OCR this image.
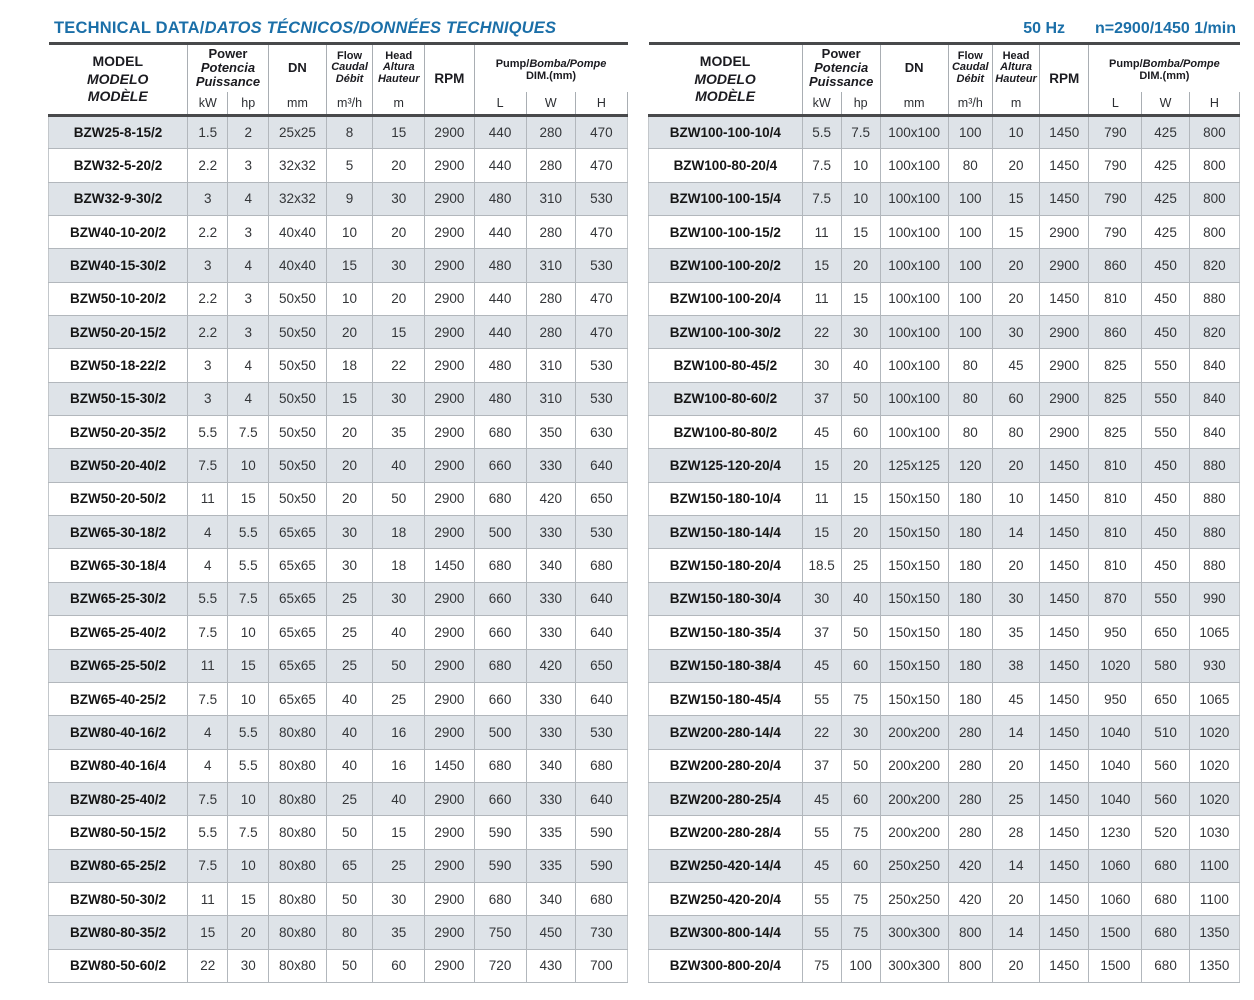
TECHNICAL DATA/DATOS TÉCNICOS/DONNÉES TECHNIQUES	50 Hz n=2900/1450 1/min
MODEL
MODELO
MODÈLE	Power
Potencia
Puissance		DN	Flow
Caudal
Débit	Head
Altura
Hauteur	RPM	Pump/Bomba/Pompe
DIM.(mm)		

	kW	hp	mm	m³/h	m		L	W	H
BZW25-8-15/2	1.5	2	25x25	8	15	2900	440	280	470
BZW32-5-20/2	2.2	3	32x32	5	20	2900	440	280	470
BZW32-9-30/2	3	4	32x32	9	30	2900	480	310	530
BZW40-10-20/2	2.2	3	40x40	10	20	2900	440	280	470
BZW40-15-30/2	3	4	40x40	15	30	2900	480	310	530
BZW50-10-20/2	2.2	3	50x50	10	20	2900	440	280	470
BZW50-20-15/2	2.2	3	50x50	20	15	2900	440	280	470
BZW50-18-22/2	3	4	50x50	18	22	2900	480	310	530
BZW50-15-30/2	3	4	50x50	15	30	2900	480	310	530
BZW50-20-35/2	5.5	7.5	50x50	20	35	2900	680	350	630
BZW50-20-40/2	7.5	10	50x50	20	40	2900	660	330	640
BZW50-20-50/2	11	15	50x50	20	50	2900	680	420	650
BZW65-30-18/2	4	5.5	65x65	30	18	2900	500	330	530
BZW65-30-18/4	4	5.5	65x65	30	18	1450	680	340	680
BZW65-25-30/2	5.5	7.5	65x65	25	30	2900	660	330	640
BZW65-25-40/2	7.5	10	65x65	25	40	2900	660	330	640
BZW65-25-50/2	11	15	65x65	25	50	2900	680	420	650
BZW65-40-25/2	7.5	10	65x65	40	25	2900	660	330	640
BZW80-40-16/2	4	5.5	80x80	40	16	2900	500	330	530
BZW80-40-16/4	4	5.5	80x80	40	16	1450	680	340	680
BZW80-25-40/2	7.5	10	80x80	25	40	2900	660	330	640
BZW80-50-15/2	5.5	7.5	80x80	50	15	2900	590	335	590
BZW80-65-25/2	7.5	10	80x80	65	25	2900	590	335	590
BZW80-50-30/2	11	15	80x80	50	30	2900	680	340	680
BZW80-80-35/2	15	20	80x80	80	35	2900	750	450	730
BZW80-50-60/2	22	30	80x80	50	60	2900	720	430	700
MODEL
MODELO
MODÈLE	Power
Potencia
Puissance		DN	Flow
Caudal
Débit	Head
Altura
Hauteur	RPM	Pump/Bomba/Pompe
DIM.(mm)		

	kW	hp	mm	m³/h	m		L	W	H
BZW100-100-10/4	5.5	7.5	100x100	100	10	1450	790	425	800
BZW100-80-20/4	7.5	10	100x100	80	20	1450	790	425	800
BZW100-100-15/4	7.5	10	100x100	100	15	1450	790	425	800
BZW100-100-15/2	11	15	100x100	100	15	2900	790	425	800
BZW100-100-20/2	15	20	100x100	100	20	2900	860	450	820
BZW100-100-20/4	11	15	100x100	100	20	1450	810	450	880
BZW100-100-30/2	22	30	100x100	100	30	2900	860	450	820
BZW100-80-45/2	30	40	100x100	80	45	2900	825	550	840
BZW100-80-60/2	37	50	100x100	80	60	2900	825	550	840
BZW100-80-80/2	45	60	100x100	80	80	2900	825	550	840
BZW125-120-20/4	15	20	125x125	120	20	1450	810	450	880
BZW150-180-10/4	11	15	150x150	180	10	1450	810	450	880
BZW150-180-14/4	15	20	150x150	180	14	1450	810	450	880
BZW150-180-20/4	18.5	25	150x150	180	20	1450	810	450	880
BZW150-180-30/4	30	40	150x150	180	30	1450	870	550	990
BZW150-180-35/4	37	50	150x150	180	35	1450	950	650	1065
BZW150-180-38/4	45	60	150x150	180	38	1450	1020	580	930
BZW150-180-45/4	55	75	150x150	180	45	1450	950	650	1065
BZW200-280-14/4	22	30	200x200	280	14	1450	1040	510	1020
BZW200-280-20/4	37	50	200x200	280	20	1450	1040	560	1020
BZW200-280-25/4	45	60	200x200	280	25	1450	1040	560	1020
BZW200-280-28/4	55	75	200x200	280	28	1450	1230	520	1030
BZW250-420-14/4	45	60	250x250	420	14	1450	1060	680	1100
BZW250-420-20/4	55	75	250x250	420	20	1450	1060	680	1100
BZW300-800-14/4	55	75	300x300	800	14	1450	1500	680	1350
BZW300-800-20/4	75	100	300x300	800	20	1450	1500	680	1350
